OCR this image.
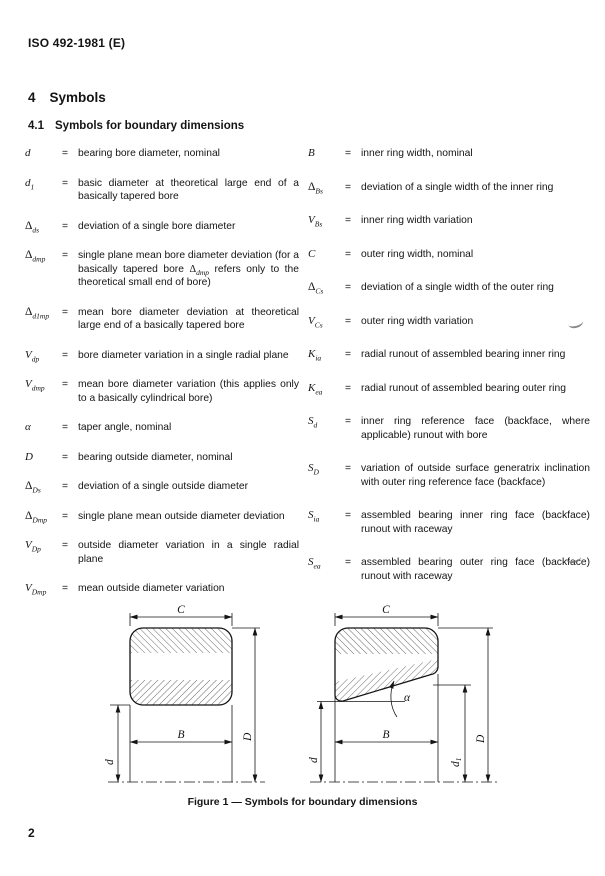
ISO 492-1981 (E)
4 Symbols
4.1 Symbols for boundary dimensions
d	= bearing bore diameter, nominal
$d_1$	= basic diameter at theoretical large end of a basically tapered bore
$\Delta_{ds}$	= deviation of a single bore diameter
$\Delta_{dmp}$	= single plane mean bore diameter deviation (for a basically tapered bore $\Delta_{dmp}$ refers only to the theoretical small end of bore)
$\Delta_{d1mp}$	= mean bore diameter deviation at theoretical large end of a basically tapered bore
$V_{dp}$	= bore diameter variation in a single radial plane
$V_{dmp}$	= mean bore diameter variation (this applies only to a basically cylindrical bore)
α	= taper angle, nominal
D	= bearing outside diameter, nominal
$\Delta_{Ds}$	= deviation of a single outside diameter
$\Delta_{Dmp}$	= single plane mean outside diameter deviation
$V_{Dp}$	= outside diameter variation in a single radial plane
$V_{Dmp}$	= mean outside diameter variation
B	= inner ring width, nominal
$\Delta_{Bs}$	= deviation of a single width of the inner ring
$V_{Bs}$	= inner ring width variation
C	= outer ring width, nominal
$\Delta_{Cs}$	= deviation of a single width of the outer ring
$V_{Cs}$	= outer ring width variation
$K_{ia}$	= radial runout of assembled bearing inner ring
$K_{ea}$	= radial runout of assembled bearing outer ring
$S_d$	= inner ring reference face (backface, where applicable) runout with bore
$S_D$	= variation of outside surface generatrix inclination with outer ring reference face (backface)
$S_{ia}$	= assembled bearing inner ring face (backface) runout with raceway
$S_{ea}$	= assembled bearing outer ring face (backface) runout with raceway
C
B	D
d
C
B
α
D
d
d1
Figure 1 — Symbols for boundary dimensions
2
